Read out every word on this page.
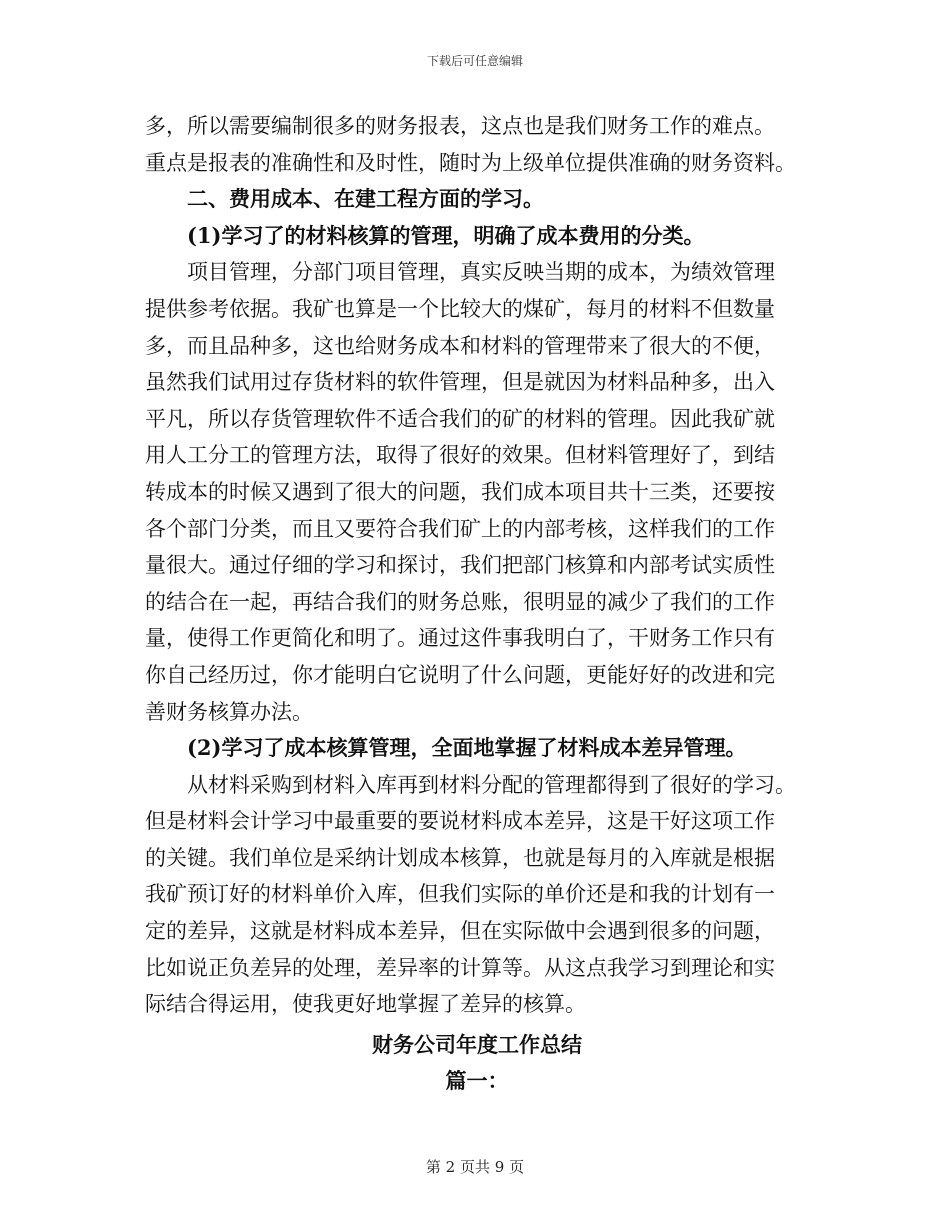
下载后可任意编辑
多，所以需要编制很多的财务报表，这点也是我们财务工作的难点。
重点是报表的准确性和及时性，随时为上级单位提供准确的财务资料。
二、费用成本、在建工程方面的学习。
(1)学习了的材料核算的管理，明确了成本费用的分类。
项目管理，分部门项目管理，真实反映当期的成本，为绩效管理
提供参考依据。我矿也算是一个比较大的煤矿，每月的材料不但数量
多，而且品种多，这也给财务成本和材料的管理带来了很大的不便，
虽然我们试用过存货材料的软件管理，但是就因为材料品种多，出入
平凡，所以存货管理软件不适合我们的矿的材料的管理。因此我矿就
用人工分工的管理方法，取得了很好的效果。但材料管理好了，到结
转成本的时候又遇到了很大的问题，我们成本项目共十三类，还要按
各个部门分类，而且又要符合我们矿上的内部考核，这样我们的工作
量很大。通过仔细的学习和探讨，我们把部门核算和内部考试实质性
的结合在一起，再结合我们的财务总账，很明显的减少了我们的工作
量，使得工作更简化和明了。通过这件事我明白了，干财务工作只有
你自己经历过，你才能明白它说明了什么问题，更能好好的改进和完
善财务核算办法。
(2)学习了成本核算管理，全面地掌握了材料成本差异管理。
从材料采购到材料入库再到材料分配的管理都得到了很好的学习。
但是材料会计学习中最重要的要说材料成本差异，这是干好这项工作
的关键。我们单位是采纳计划成本核算，也就是每月的入库就是根据
我矿预订好的材料单价入库，但我们实际的单价还是和我的计划有一
定的差异，这就是材料成本差异，但在实际做中会遇到很多的问题，
比如说正负差异的处理，差异率的计算等。从这点我学习到理论和实
际结合得运用，使我更好地掌握了差异的核算。
财务公司年度工作总结
篇一：
第 2 页共 9 页
